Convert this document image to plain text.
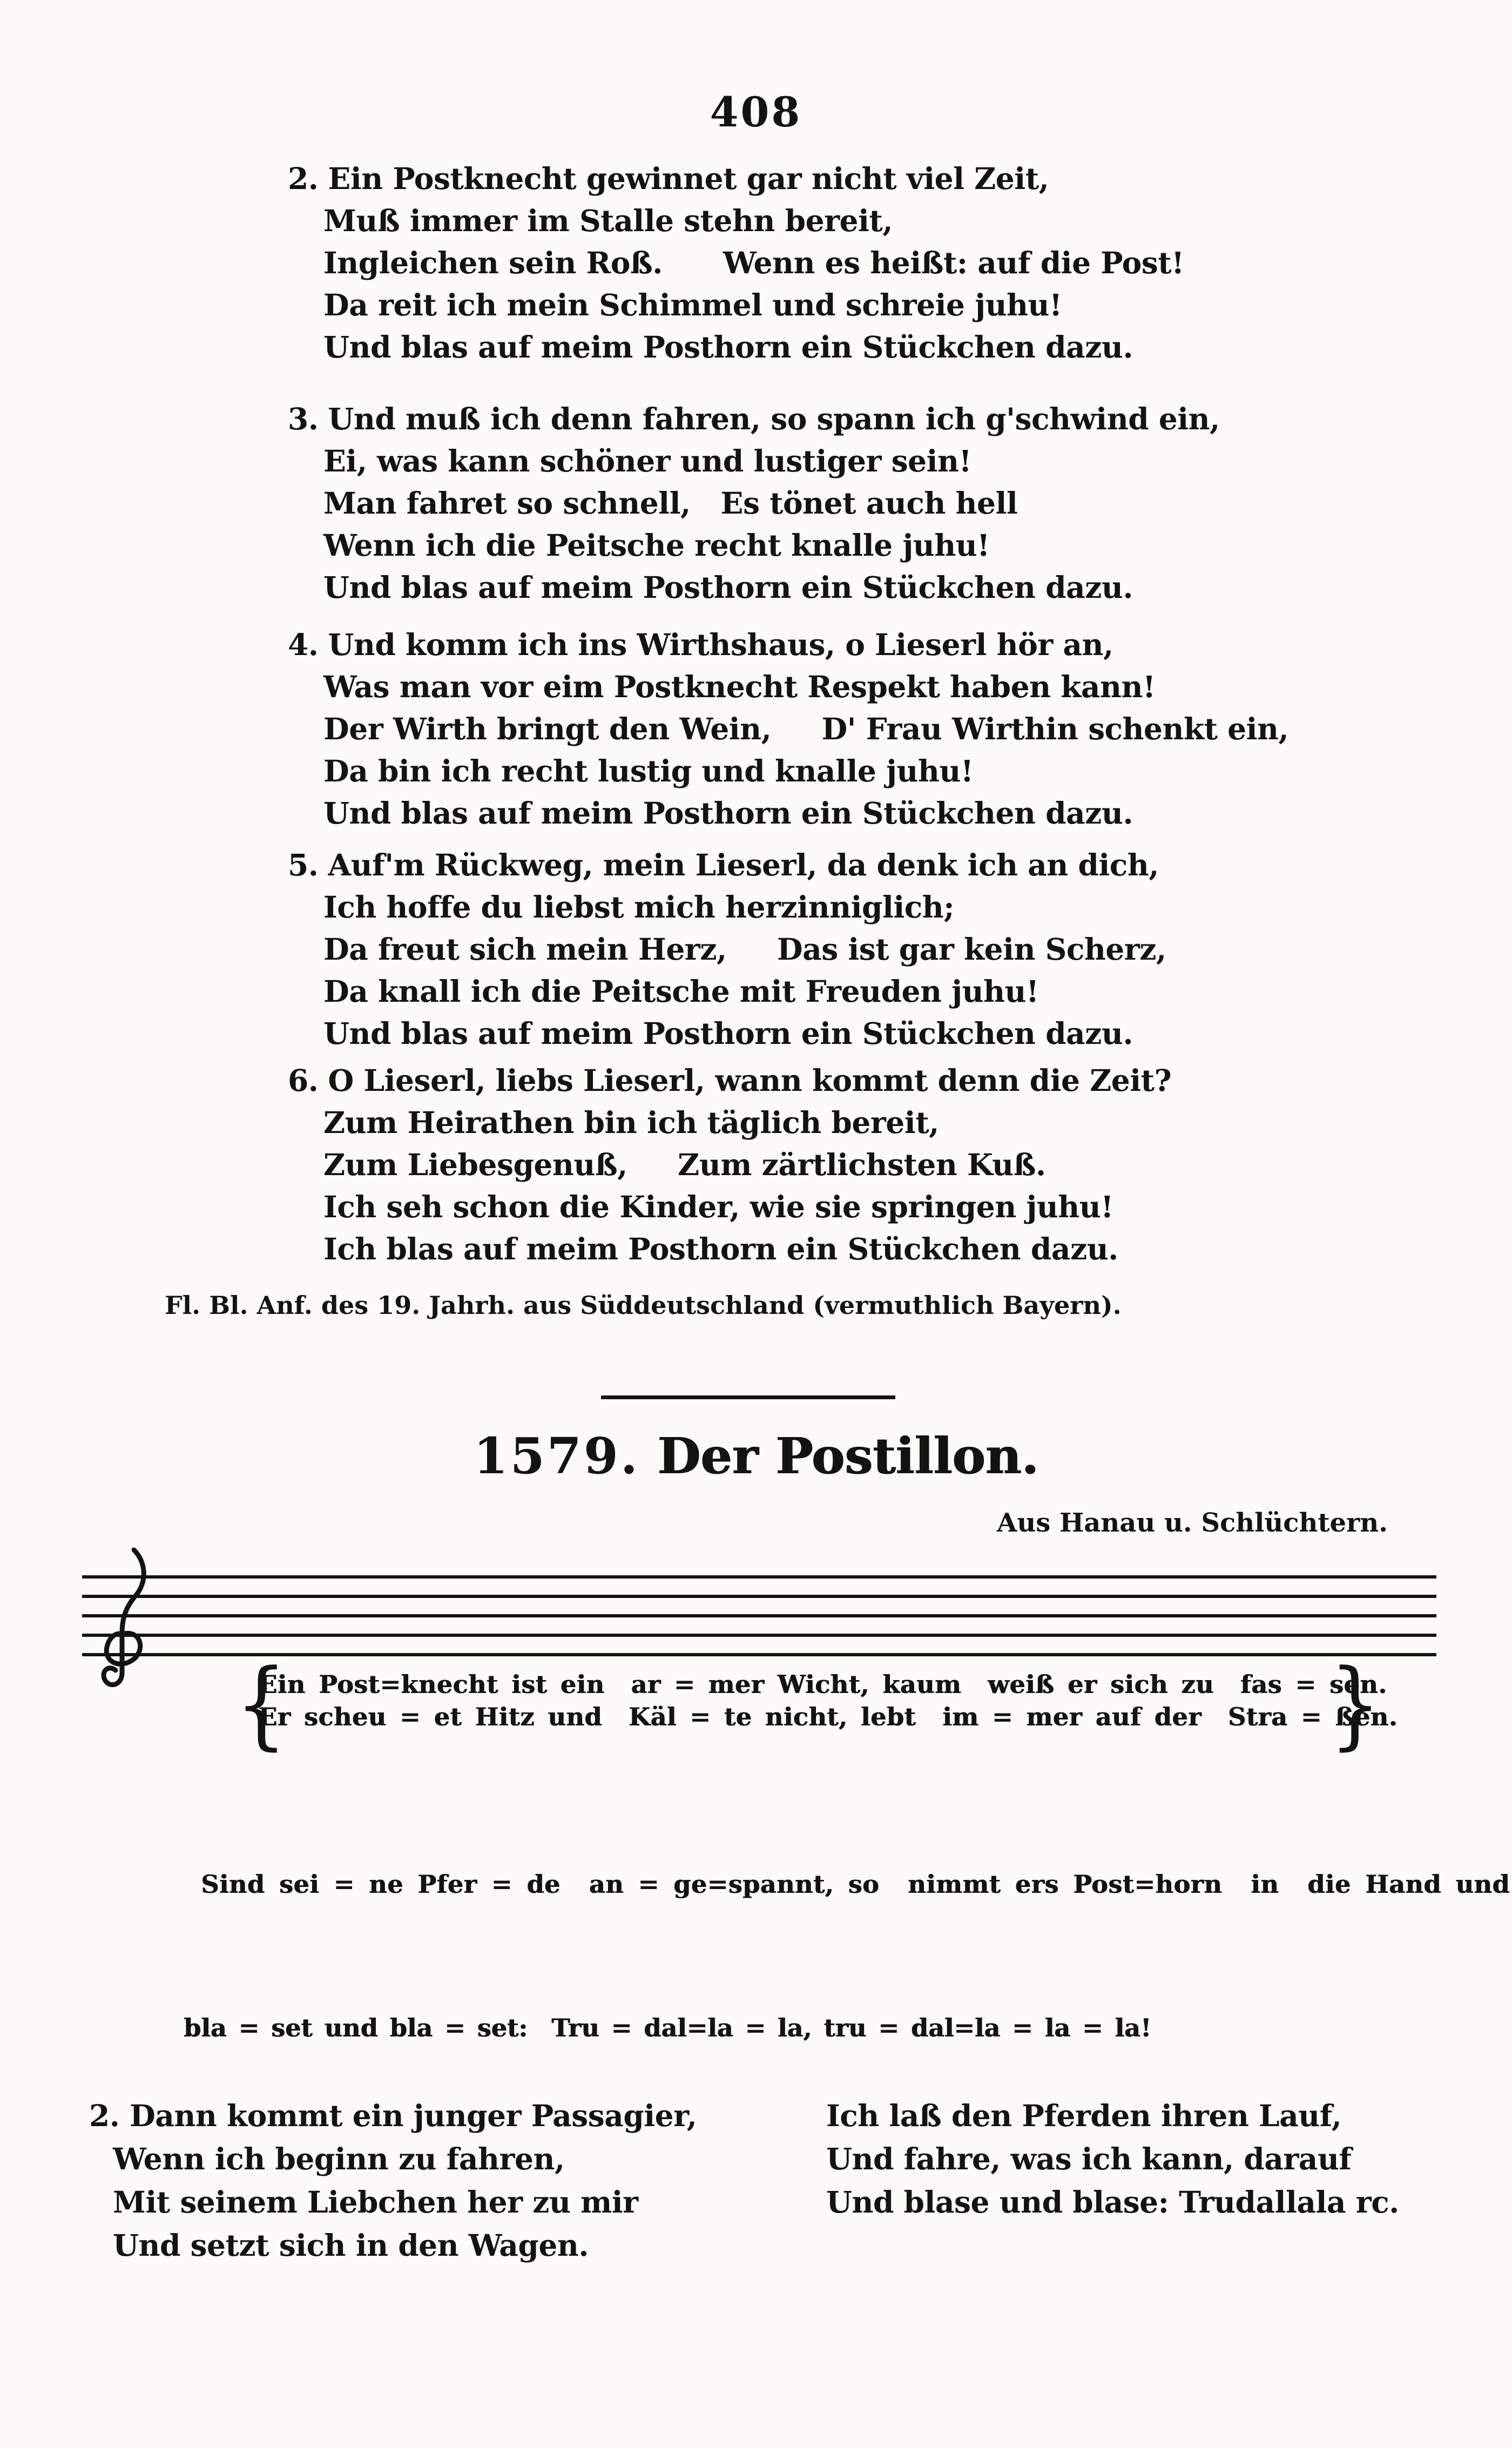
408
Fl. Bl. Anf. des 19. Jahrh. aus Süddeutschland (vermuthlich Bayern).
1579. Der Postillon.
Aus Hanau u. Schlüchtern.
Ein Post=knecht ist ein  ar = mer Wicht, kaum  weiß er sich zu  fas = sen.
Er scheu = et Hitz und  Käl = te nicht, lebt  im = mer auf der  Stra = ßen.
Sind sei = ne Pfer = de  an = ge=spannt, so  nimmt ers Post=horn  in  die Hand und
bla = set und bla = set:  Tru = dal=la = la, tru = dal=la = la = la!
{	}
2. Dann kommt ein junger Passagier,
Wenn ich beginn zu fahren,
Mit seinem Liebchen her zu mir
Und setzt sich in den Wagen.
Ich laß den Pferden ihren Lauf,
Und fahre, was ich kann, darauf
Und blase und blase: Trudallala rc.
2. Ein Postknecht gewinnet gar nicht viel Zeit,
Muß immer im Stalle stehn bereit,
Ingleichen sein Roß.      Wenn es heißt: auf die Post!
Da reit ich mein Schimmel und schreie juhu!
Und blas auf meim Posthorn ein Stückchen dazu.
3. Und muß ich denn fahren, so spann ich g'schwind ein,
Ei, was kann schöner und lustiger sein!
Man fahret so schnell,   Es tönet auch hell
Wenn ich die Peitsche recht knalle juhu!
Und blas auf meim Posthorn ein Stückchen dazu.
4. Und komm ich ins Wirthshaus, o Lieserl hör an,
Was man vor eim Postknecht Respekt haben kann!
Der Wirth bringt den Wein,     D' Frau Wirthin schenkt ein,
Da bin ich recht lustig und knalle juhu!
Und blas auf meim Posthorn ein Stückchen dazu.
5. Auf'm Rückweg, mein Lieserl, da denk ich an dich,
Ich hoffe du liebst mich herzinniglich;
Da freut sich mein Herz,     Das ist gar kein Scherz,
Da knall ich die Peitsche mit Freuden juhu!
Und blas auf meim Posthorn ein Stückchen dazu.
6. O Lieserl, liebs Lieserl, wann kommt denn die Zeit?
Zum Heirathen bin ich täglich bereit,
Zum Liebesgenuß,     Zum zärtlichsten Kuß.
Ich seh schon die Kinder, wie sie springen juhu!
Ich blas auf meim Posthorn ein Stückchen dazu.
